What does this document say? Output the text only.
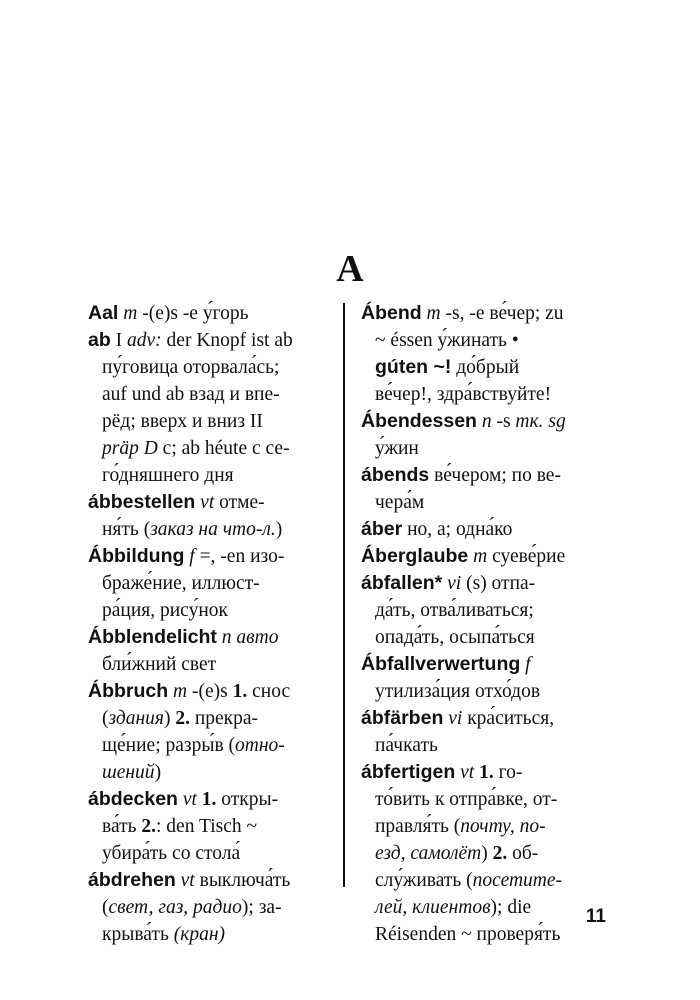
A
Aal m -(e)s -e у́горь
ab I adv: der Knopf ist ab
пу́говица оторвала́сь;
auf und ab взад и впе-
рёд; вверх и вниз II
präp D с; ab héute с се-
го́дняшнего дня
ábbestellen vt отме-
ня́ть (заказ на что-л.)
Ábbildung f =, -en изо-
браже́ние, иллюст-
ра́ция, рису́нок
Ábblendelicht n авто
бли́жний свет
Ábbruch m -(e)s 1. снос
(здания) 2. прекра-
ще́ние; разры́в (отно-
шений)
ábdecken vt 1. откры-
ва́ть 2.: den Tisch ~
убира́ть со стола́
ábdrehen vt выключа́ть
(свет, газ, радио); за-
крыва́ть (кран)
Ábend m -s, -e ве́чер; zu
~ éssen у́жинать •
gúten ~! до́брый
ве́чер!, здра́вствуйте!
Ábendessen n -s тк. sg
у́жин
ábends ве́чером; по ве-
чера́м
áber но, а; одна́ко
Áberglaube m суеве́рие
ábfallen* vi (s) отпа-
да́ть, отва́ливаться;
опада́ть, осыпа́ться
Ábfallverwertung f
утилиза́ция отхо́дов
ábfärben vi кра́ситься,
па́чкать
ábfertigen vt 1. го-
то́вить к отпра́вке, от-
правля́ть (почту, по-
езд, самолёт) 2. об-
слу́живать (посетите-
лей, клиентов); die
Réisenden ~ проверя́ть
11
